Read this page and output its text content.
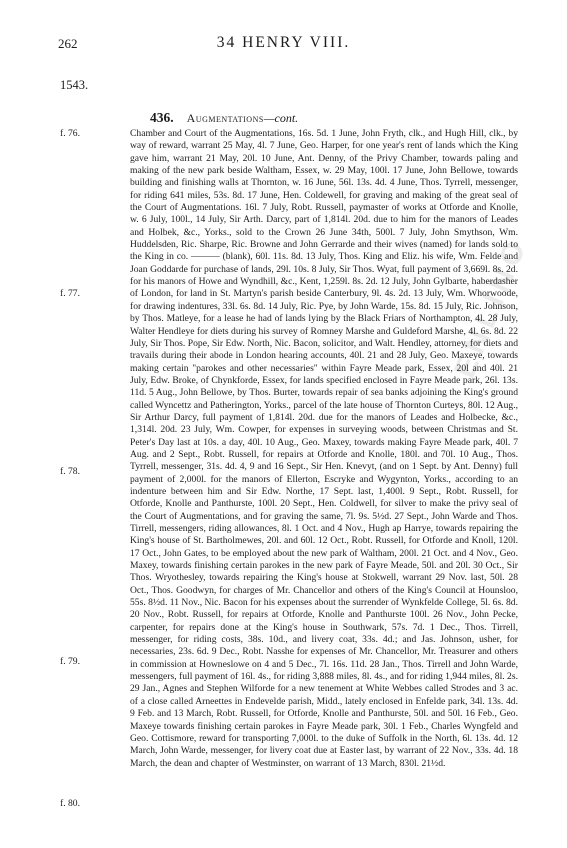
ENLINO
262	34 HENRY VIII.
1543.
436. Augmentations—cont.
f. 76.
f. 77.
f. 78.
f. 79.
f. 80.
Chamber and Court of the Augmentations, 16s. 5d. 1 June, John Fryth, clk., and Hugh Hill, clk., by way of reward, warrant 25 May, 4l. 7 June, Geo. Harper, for one year's rent of lands which the King gave him, warrant 21 May, 20l. 10 June, Ant. Denny, of the Privy Chamber, towards paling and making of the new park beside Waltham, Essex, w. 29 May, 100l. 17 June, John Bellowe, towards building and finishing walls at Thornton, w. 16 June, 56l. 13s. 4d. 4 June, Thos. Tyrrell, messenger, for riding 641 miles, 53s. 8d. 17 June, Hen. Coldewell, for graving and making of the great seal of the Court of Augmentations. 16l. 7 July, Robt. Russell, paymaster of works at Otforde and Knolle, w. 6 July, 100l., 14 July, Sir Arth. Darcy, part of 1,814l. 20d. due to him for the manors of Leades and Holbek, &c., Yorks., sold to the Crown 26 June 34th, 500l. 7 July, John Smythson, Wm. Huddelsden, Ric. Sharpe, Ric. Browne and John Gerrarde and their wives (named) for lands sold to the King in co. ——— (blank), 60l. 11s. 8d. 13 July, Thos. King and Eliz. his wife, Wm. Felde and Joan Goddarde for purchase of lands, 29l. 10s. 8 July, Sir Thos. Wyat, full payment of 3,669l. 8s. 2d. for his manors of Howe and Wyndhill, &c., Kent, 1,259l. 8s. 2d. 12 July, John Gylbarte, haberdasher of London, for land in St. Martyn's parish beside Canterbury, 9l. 4s. 2d. 13 July, Wm. Whorwoode, for drawing indentures, 33l. 6s. 8d. 14 July, Ric. Pye, by John Warde, 15s. 8d. 15 July, Ric. Johnson, by Thos. Matleye, for a lease he had of lands lying by the Black Friars of Northampton, 4l. 28 July, Walter Hendleye for diets during his survey of Romney Marshe and Guldeford Marshe, 4l. 6s. 8d. 22 July, Sir Thos. Pope, Sir Edw. North, Nic. Bacon, solicitor, and Walt. Hendley, attorney, for diets and travails during their abode in London hearing accounts, 40l. 21 and 28 July, Geo. Maxeye, towards making certain "parokes and other necessaries" within Fayre Meade park, Essex, 20l and 40l. 21 July, Edw. Broke, of Chynkforde, Essex, for lands specified enclosed in Fayre Meade park, 26l. 13s. 11d. 5 Aug., John Bellowe, by Thos. Burter, towards repair of sea banks adjoining the King's ground called Wyncettz and Patherington, Yorks., parcel of the late house of Thornton Curteys, 80l. 12 Aug., Sir Arthur Darcy, full payment of 1,814l. 20d. due for the manors of Leades and Holbecke, &c., 1,314l. 20d. 23 July, Wm. Cowper, for expenses in surveying woods, between Christmas and St. Peter's Day last at 10s. a day, 40l. 10 Aug., Geo. Maxey, towards making Fayre Meade park, 40l. 7 Aug. and 2 Sept., Robt. Russell, for repairs at Otforde and Knolle, 180l. and 70l. 10 Aug., Thos. Tyrrell, messenger, 31s. 4d. 4, 9 and 16 Sept., Sir Hen. Knevyt, (and on 1 Sept. by Ant. Denny) full payment of 2,000l. for the manors of Ellerton, Escryke and Wygynton, Yorks., according to an indenture between him and Sir Edw. Northe, 17 Sept. last, 1,400l. 9 Sept., Robt. Russell, for Otforde, Knolle and Panthurste, 100l. 20 Sept., Hen. Coldwell, for silver to make the privy seal of the Court of Augmentations, and for graving the same, 7l. 9s. 5½d. 27 Sept., John Warde and Thos. Tirrell, messengers, riding allowances, 8l. 1 Oct. and 4 Nov., Hugh ap Harrye, towards repairing the King's house of St. Bartholmewes, 20l. and 60l. 12 Oct., Robt. Russell, for Otforde and Knoll, 120l. 17 Oct., John Gates, to be employed about the new park of Waltham, 200l. 21 Oct. and 4 Nov., Geo. Maxey, towards finishing certain parokes in the new park of Fayre Meade, 50l. and 20l. 30 Oct., Sir Thos. Wryothesley, towards repairing the King's house at Stokwell, warrant 29 Nov. last, 50l. 28 Oct., Thos. Goodwyn, for charges of Mr. Chancellor and others of the King's Council at Hounsloo, 55s. 8½d. 11 Nov., Nic. Bacon for his expenses about the surrender of Wynkfelde College, 5l. 6s. 8d. 20 Nov., Robt. Russell, for repairs at Otforde, Knolle and Panthurste 100l. 26 Nov., John Pecke, carpenter, for repairs done at the King's house in Southwark, 57s. 7d. 1 Dec., Thos. Tirrell, messenger, for riding costs, 38s. 10d., and livery coat, 33s. 4d.; and Jas. Johnson, usher, for necessaries, 23s. 6d. 9 Dec., Robt. Nasshe for expenses of Mr. Chancellor, Mr. Treasurer and others in commission at Howneslowe on 4 and 5 Dec., 7l. 16s. 11d. 28 Jan., Thos. Tirrell and John Warde, messengers, full payment of 16l. 4s., for riding 3,888 miles, 8l. 4s., and for riding 1,944 miles, 8l. 2s. 29 Jan., Agnes and Stephen Wilforde for a new tenement at White Webbes called Strodes and 3 ac. of a close called Arneettes in Endevelde parish, Midd., lately enclosed in Enfelde park, 34l. 13s. 4d. 9 Feb. and 13 March, Robt. Russell, for Otforde, Knolle and Panthurste, 50l. and 50l. 16 Feb., Geo. Maxeye towards finishing certain parokes in Fayre Meade park, 30l. 1 Feb., Charles Wyngfeld and Geo. Cottismore, reward for transporting 7,000l. to the duke of Suffolk in the North, 6l. 13s. 4d. 12 March, John Warde, messenger, for livery coat due at Easter last, by warrant of 22 Nov., 33s. 4d. 18 March, the dean and chapter of Westminster, on warrant of 13 March, 830l. 21½d.
